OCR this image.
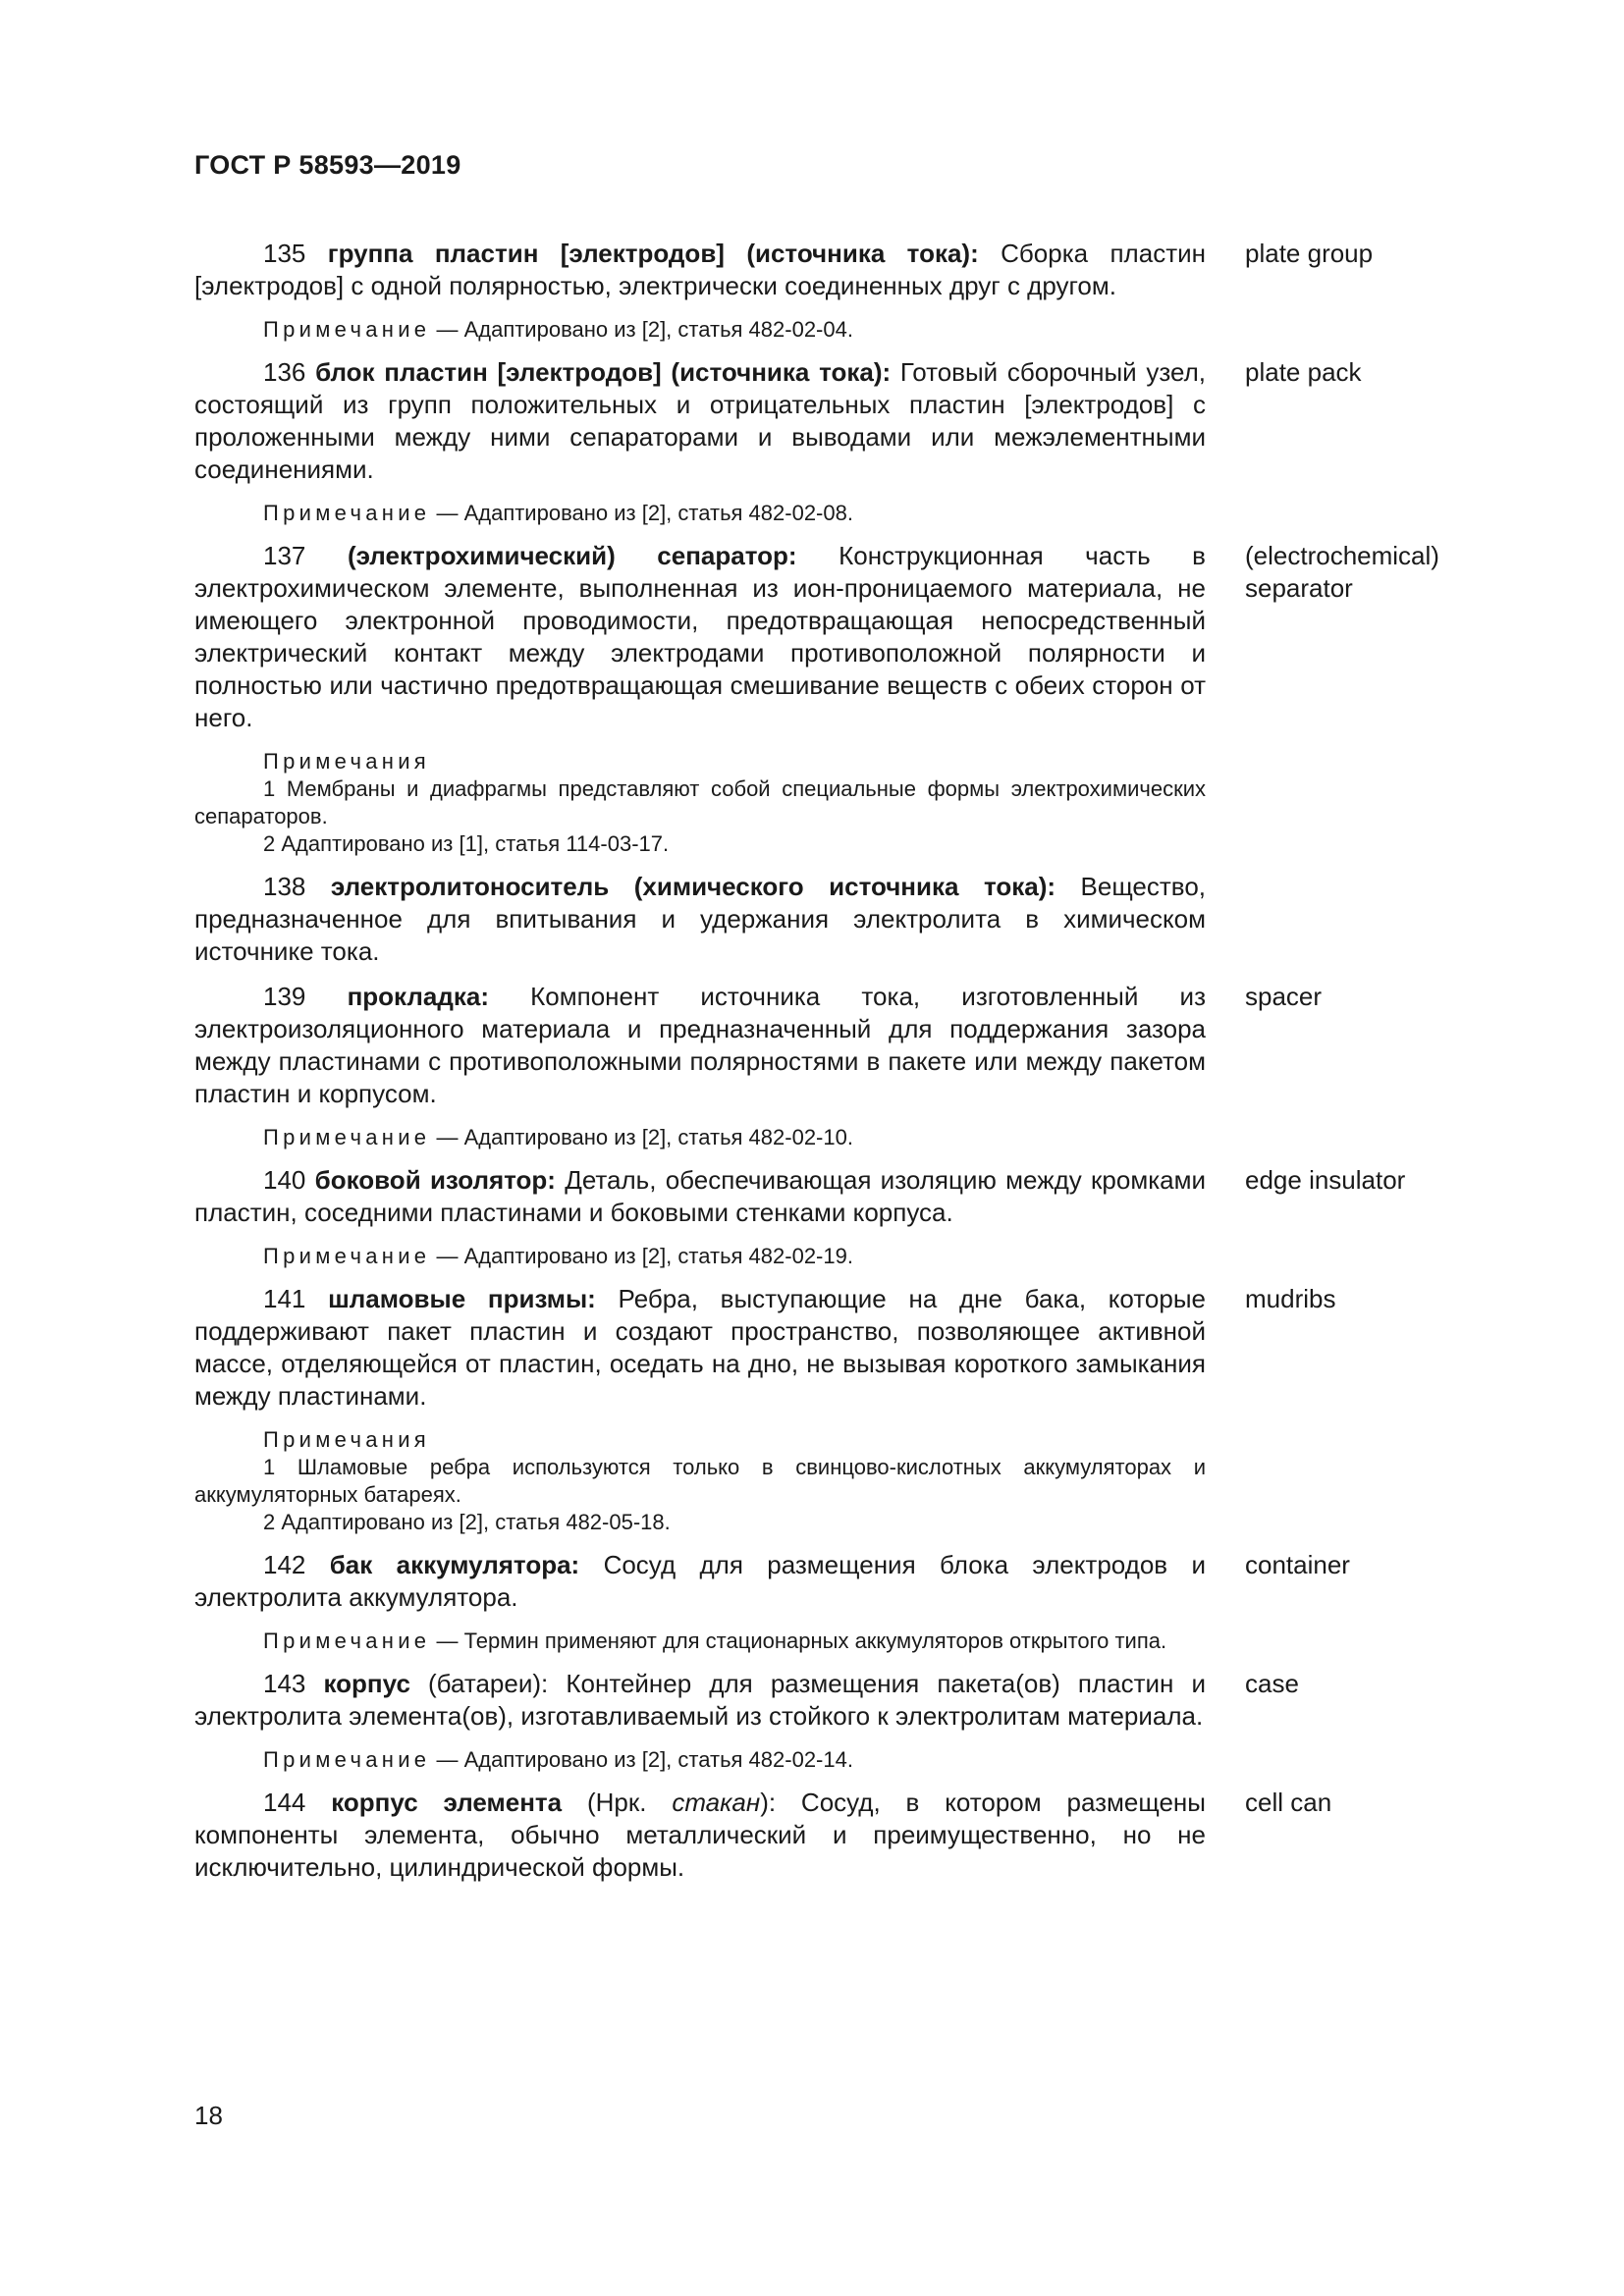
ГОСТ Р 58593—2019

135 группа пластин [электродов] (источника тока): Сборка пластин [электродов] с одной полярностью, электрически соединенных друг с другом.

Примечание — Адаптировано из [2], статья 482-02-04.
plate group

136 блок пластин [электродов] (источника тока): Готовый сборочный узел, состоящий из групп положительных и отрицательных пластин [электродов] с проложенными между ними сепараторами и выводами или межэлементными соединениями.

Примечание — Адаптировано из [2], статья 482-02-08.
plate pack

137 (электрохимический) сепаратор: Конструкционная часть в электрохимическом элементе, выполненная из ион-проницаемого материала, не имеющего электронной проводимости, предотвращающая непосредственный электрический контакт между электродами противоположной полярности и полностью или частично предотвращающая смешивание веществ с обеих сторон от него.

Примечания

1 Мембраны и диафрагмы представляют собой специальные формы электрохимических сепараторов.

2 Адаптировано из [1], статья 114-03-17.

(electrochemical)
separator

138 электролитоноситель (химического источника тока): Вещество, предназначенное для впитывания и удержания электролита в химическом источнике тока.

139 прокладка: Компонент источника тока, изготовленный из электроизоляционного материала и предназначенный для поддержания зазора между пластинами с противоположными полярностями в пакете или между пакетом пластин и корпусом.

Примечание — Адаптировано из [2], статья 482-02-10.
spacer

140 боковой изолятор: Деталь, обеспечивающая изоляцию между кромками пластин, соседними пластинами и боковыми стенками корпуса.

Примечание — Адаптировано из [2], статья 482-02-19.
edge insulator

141 шламовые призмы: Ребра, выступающие на дне бака, которые поддерживают пакет пластин и создают пространство, позволяющее активной массе, отделяющейся от пластин, оседать на дно, не вызывая короткого замыкания между пластинами.

Примечания

1 Шламовые ребра используются только в свинцово-кислотных аккумуляторах и аккумуляторных батареях.

2 Адаптировано из [2], статья 482-05-18.

mudribs

142 бак аккумулятора: Сосуд для размещения блока электродов и электролита аккумулятора.

Примечание — Термин применяют для стационарных аккумуляторов открытого типа.
container

143 корпус (батареи): Контейнер для размещения пакета(ов) пластин и электролита элемента(ов), изготавливаемый из стойкого к электролитам материала.

Примечание — Адаптировано из [2], статья 482-02-14.
case

144 корпус элемента (Нрк. стакан): Сосуд, в котором размещены компоненты элемента, обычно металлический и преимущественно, но не исключительно, цилиндрической формы.

cell can

18
